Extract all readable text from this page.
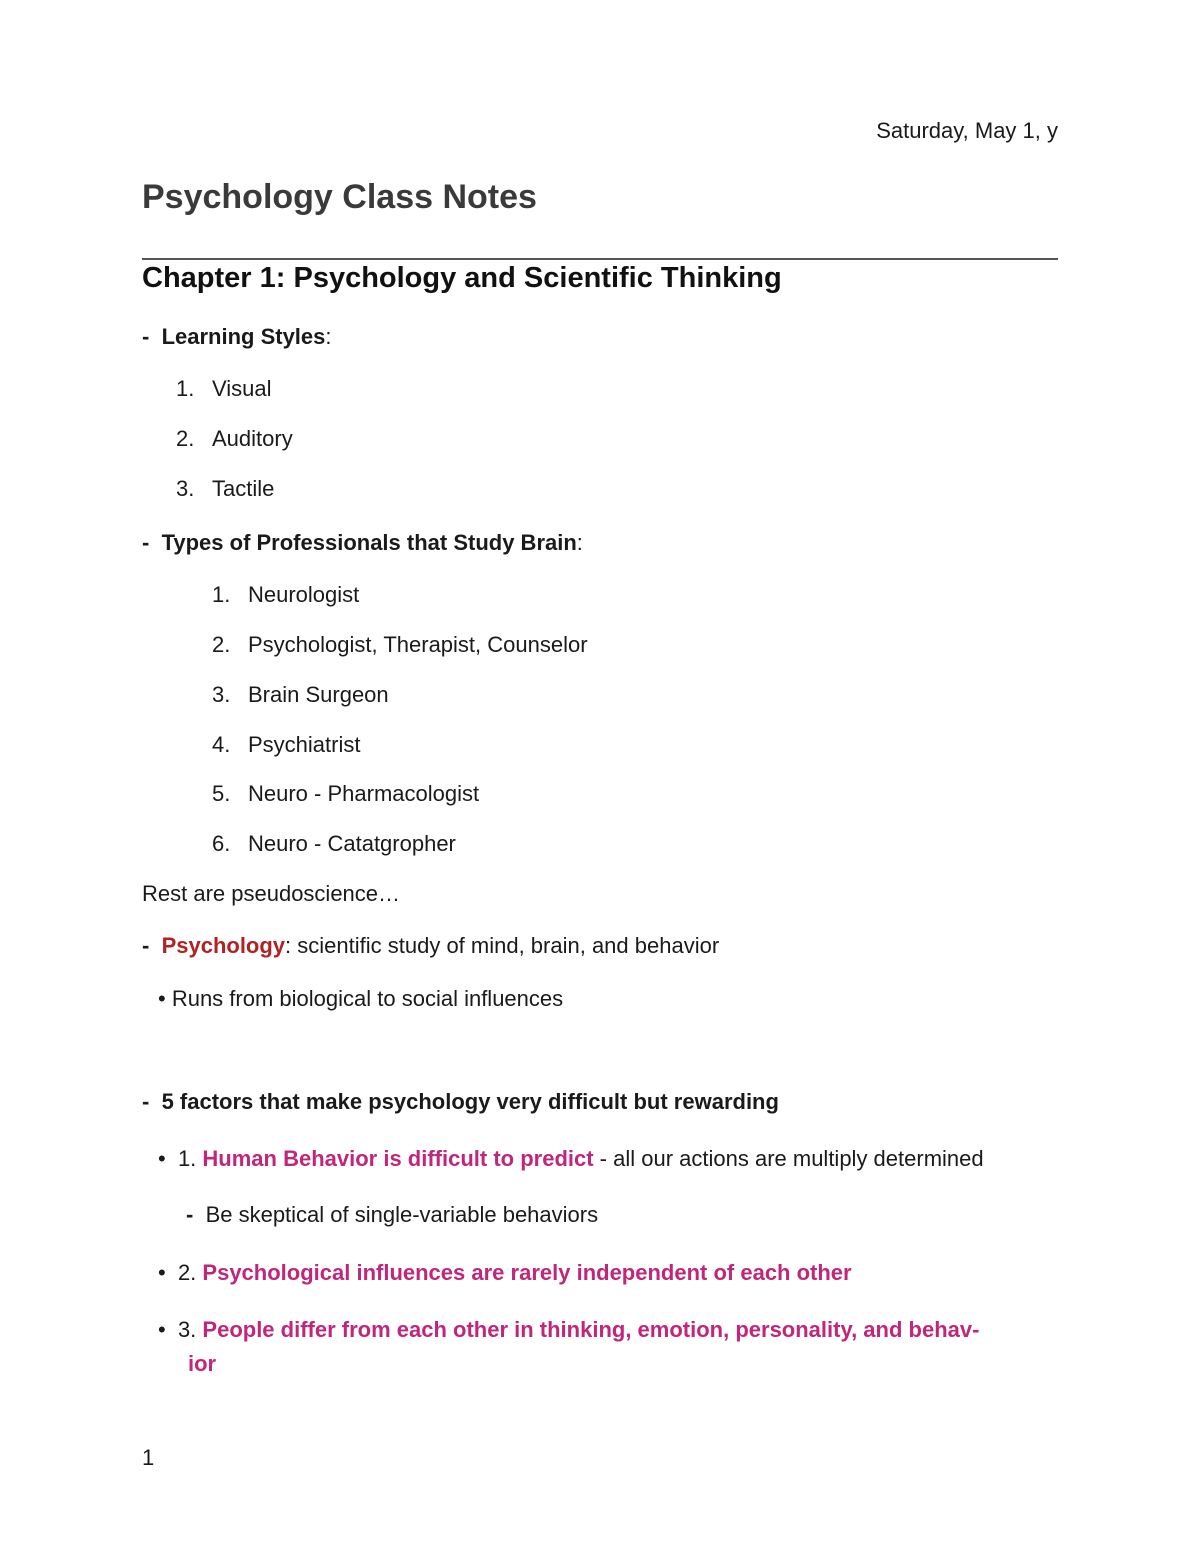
Saturday, May 1, y
Psychology Class Notes
Chapter 1: Psychology and Scientific Thinking
-  Learning Styles:
1. Visual
2. Auditory
3. Tactile
-  Types of Professionals that Study Brain:
1. Neurologist
2. Psychologist, Therapist, Counselor
3. Brain Surgeon
4. Psychiatrist
5. Neuro - Pharmacologist
6. Neuro - Catatgropher
Rest are pseudoscience…
-  Psychology: scientific study of mind, brain, and behavior
• Runs from biological to social influences
-  5 factors that make psychology very difficult but rewarding
•  1. Human Behavior is difficult to predict - all our actions are multiply determined
-  Be skeptical of single-variable behaviors
•  2. Psychological influences are rarely independent of each other
•  3. People differ from each other in thinking, emotion, personality, and behav-
ior
1
